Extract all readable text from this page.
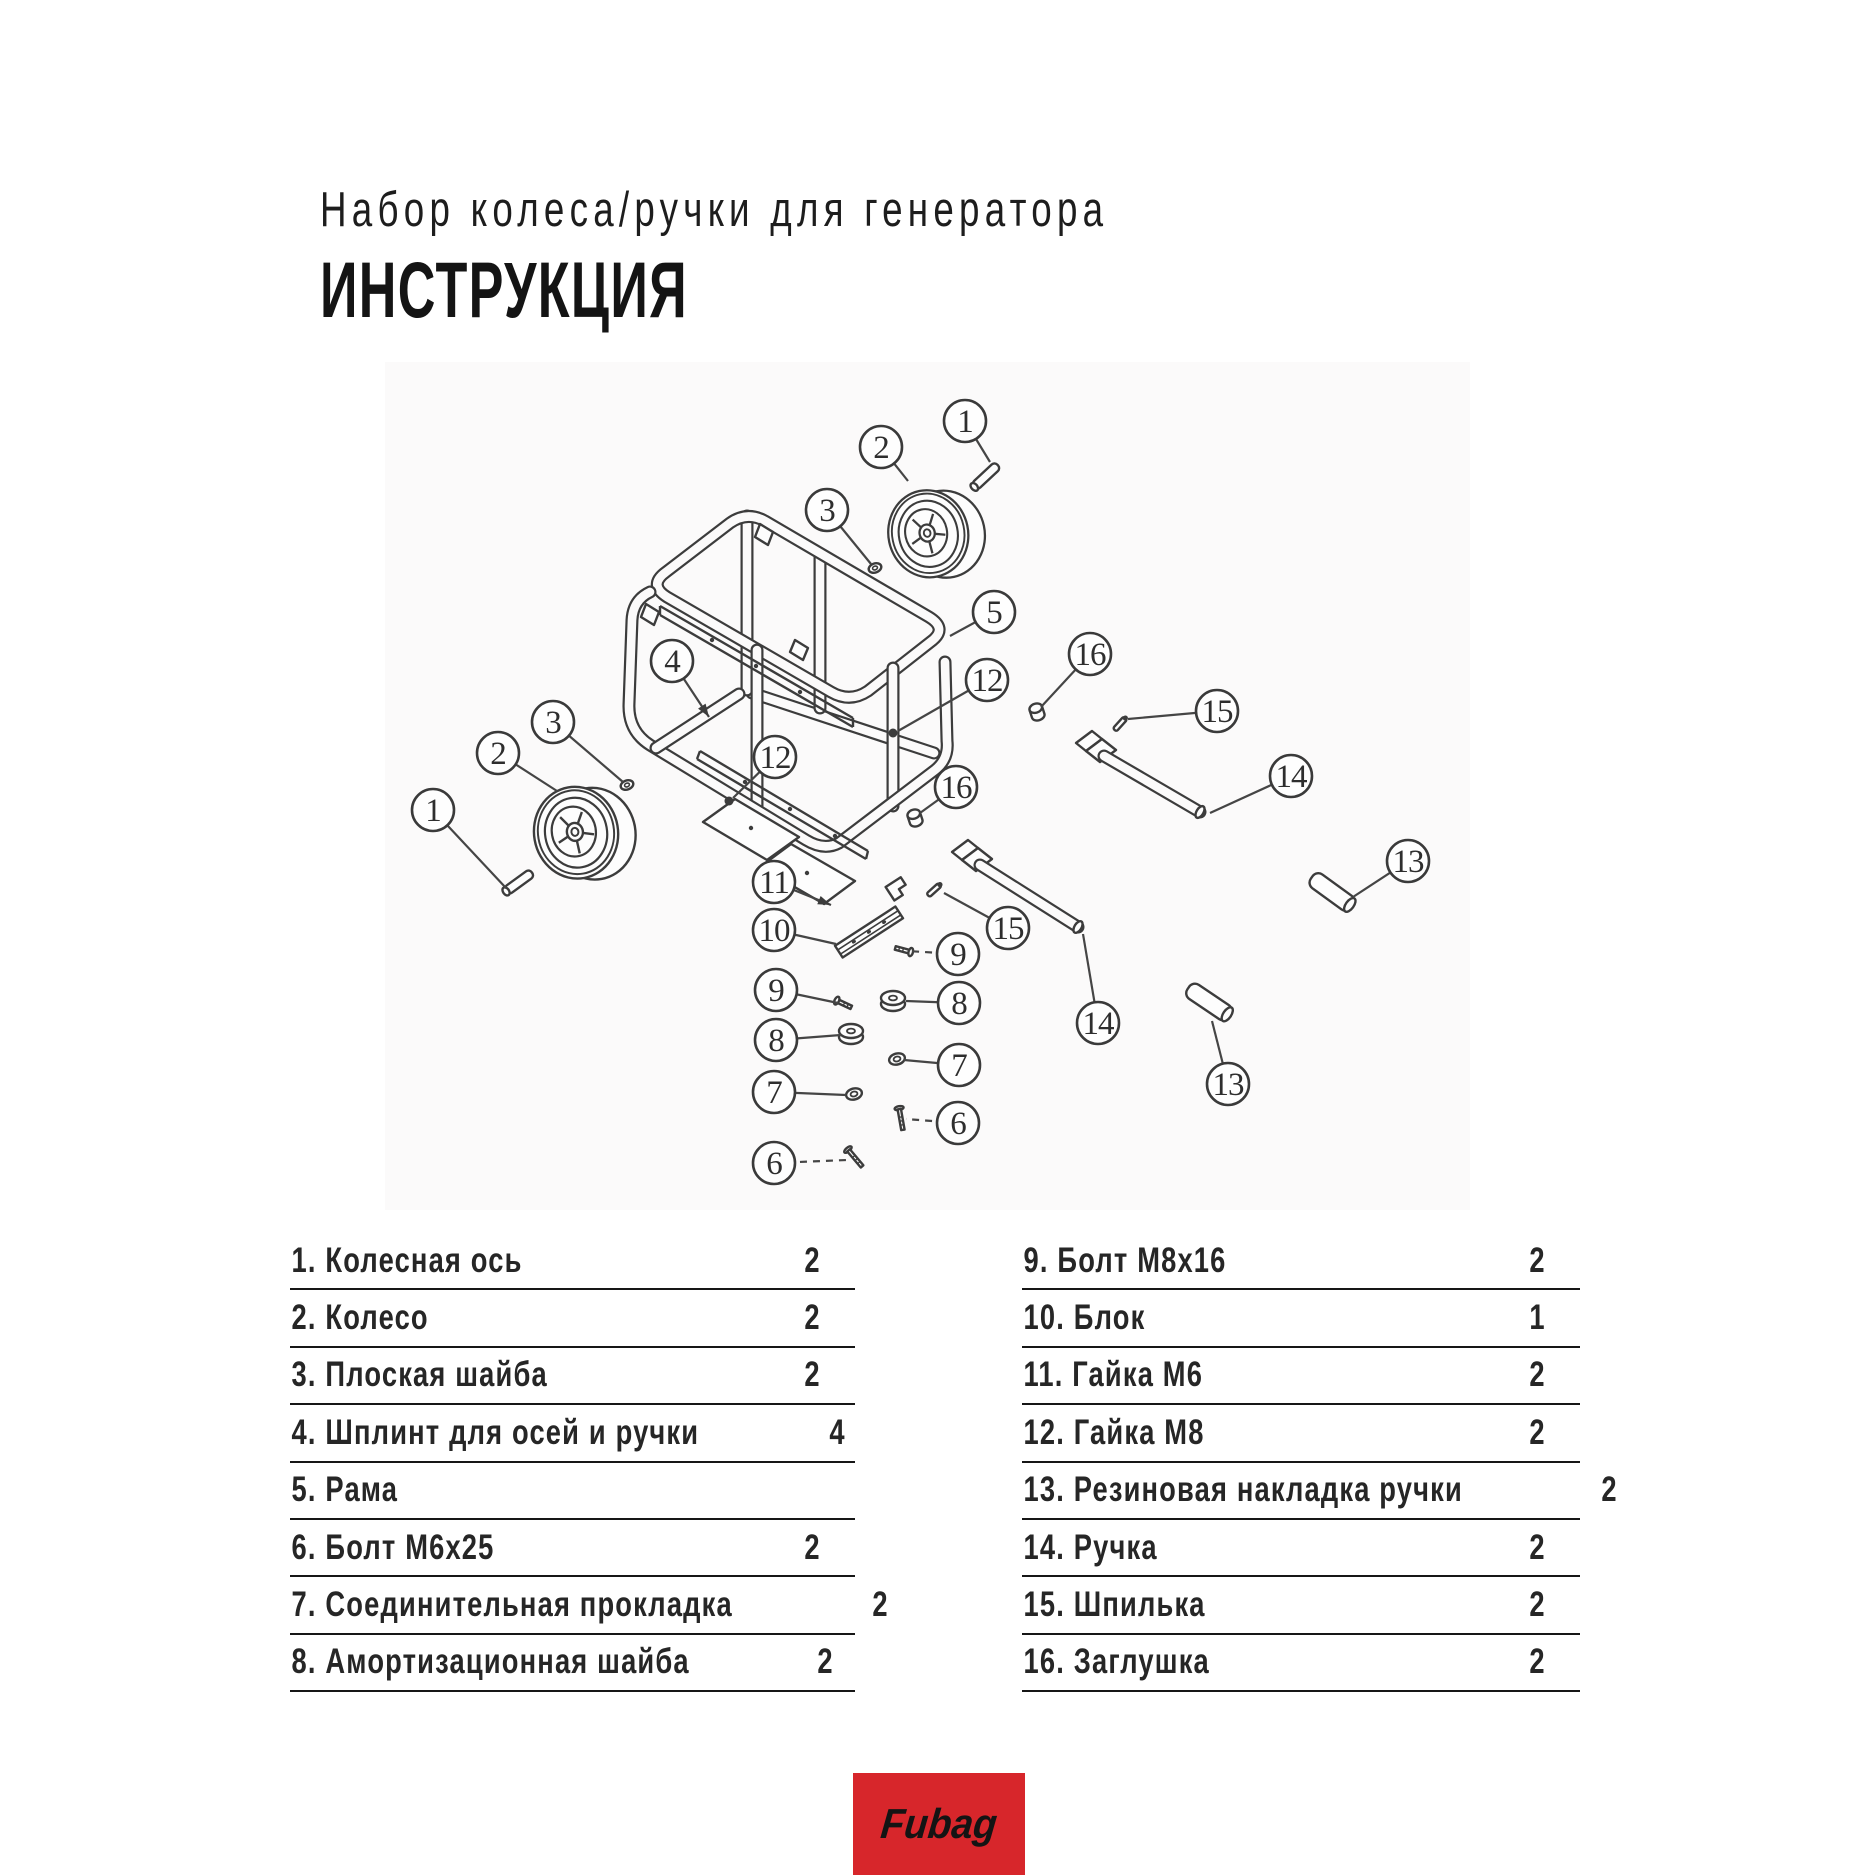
Набор колеса/ручки для генератора
ИНСТРУКЦИЯ
1
2
3
5
4
12
16
15
14
13
12
16
11
10	15
9
8
7
6
9
8
7
6
14
13
2
3
1
1. Колесная ось	2
2. Колесо	2
3. Плоская шайба	2
4. Шплинт для осей и ручки	4
5. Рама
6. Болт М6х25	2
7. Соединительная прокладка	2
8. Амортизационная шайба	2
9. Болт М8х16	2
10. Блок	1
11. Гайка М6	2
12. Гайка М8	2
13. Резиновая накладка ручки	2
14. Ручка	2
15. Шпилька	2
16. Заглушка	2
Fubag
